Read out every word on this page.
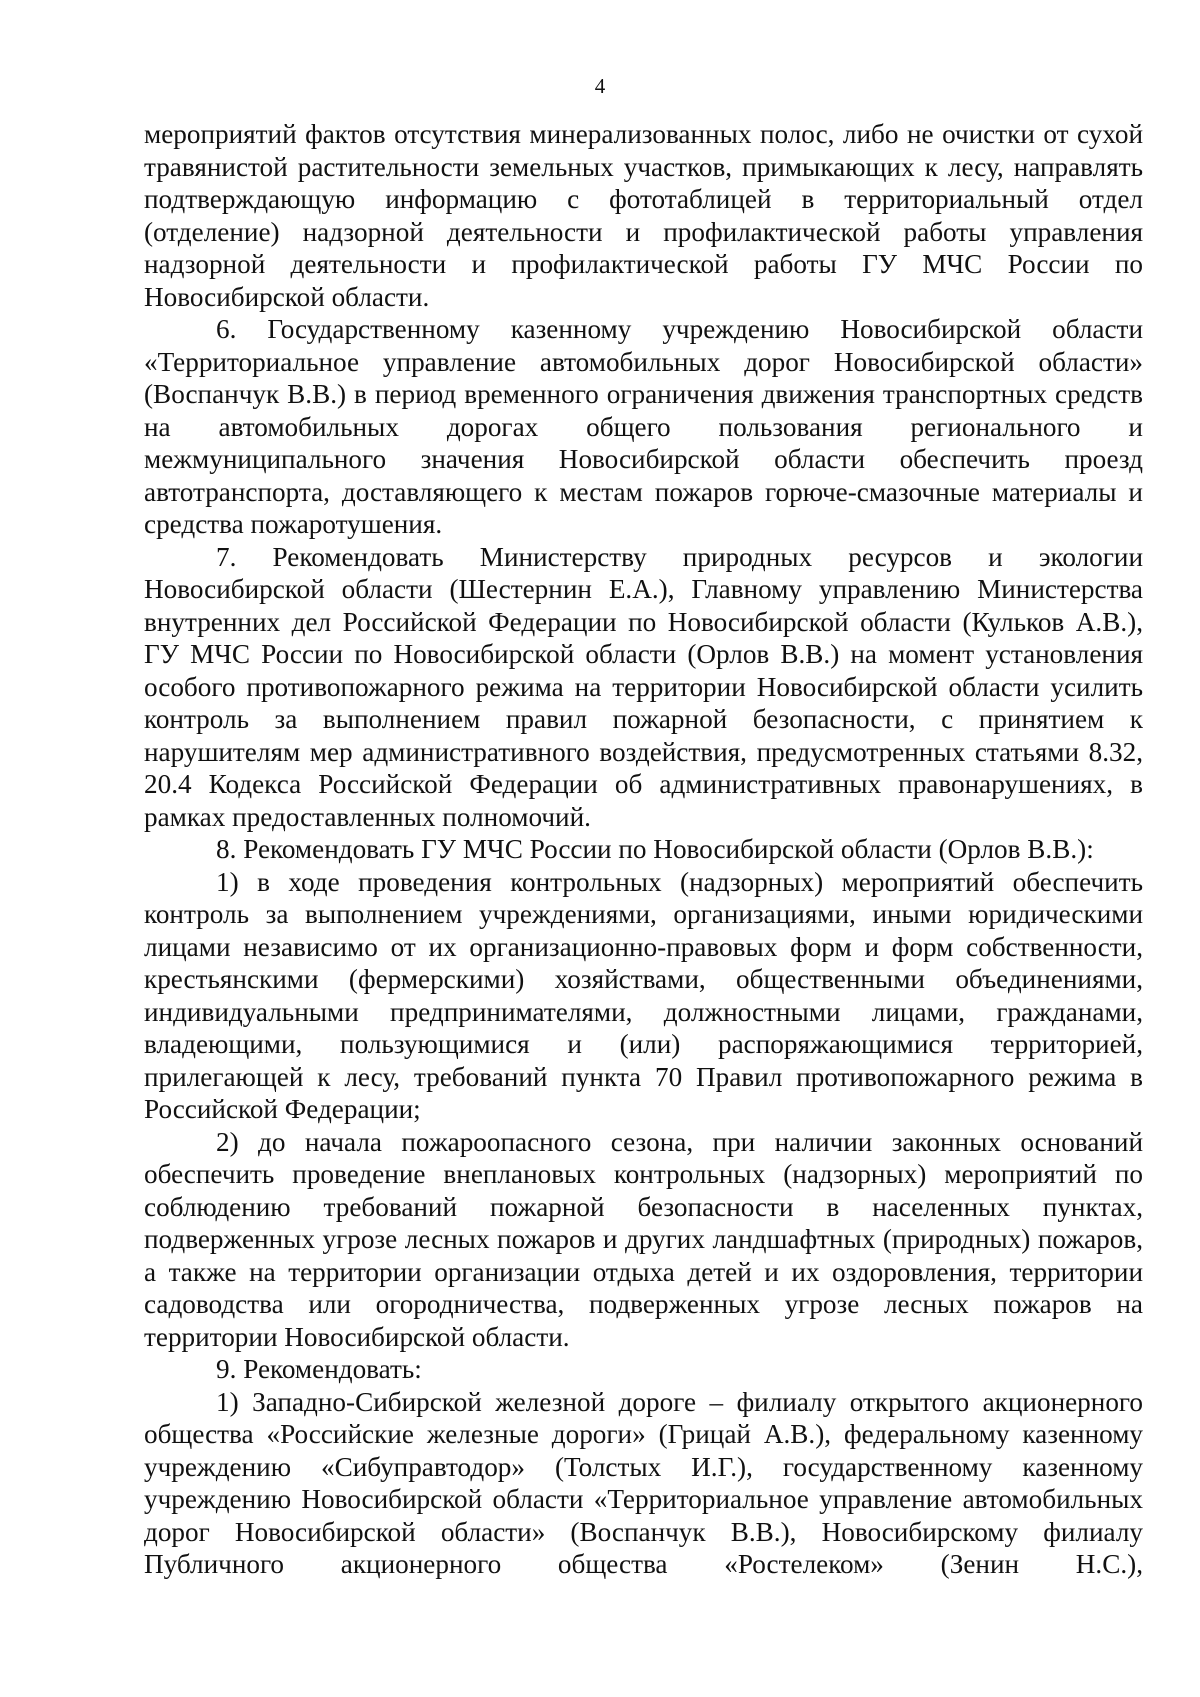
4

мероприятий фактов отсутствия минерализованных полос, либо не очистки от сухой травянистой растительности земельных участков, примыкающих к лесу, направлять подтверждающую информацию с фототаблицей в территориальный отдел (отделение) надзорной деятельности и профилактической работы управления надзорной деятельности и профилактической работы ГУ МЧС России по Новосибирской области.

6. Государственному казенному учреждению Новосибирской области «Территориальное управление автомобильных дорог Новосибирской области» (Воспанчук В.В.) в период временного ограничения движения транспортных средств на автомобильных дорогах общего пользования регионального и межмуниципального значения Новосибирской области обеспечить проезд автотранспорта, доставляющего к местам пожаров горюче-смазочные материалы и средства пожаротушения.

7. Рекомендовать Министерству природных ресурсов и экологии Новосибирской области (Шестернин Е.А.), Главному управлению Министерства внутренних дел Российской Федерации по Новосибирской области (Кульков А.В.), ГУ МЧС России по Новосибирской области (Орлов В.В.) на момент установления особого противопожарного режима на территории Новосибирской области усилить контроль за выполнением правил пожарной безопасности, с принятием к нарушителям мер административного воздействия, предусмотренных статьями 8.32, 20.4 Кодекса Российской Федерации об административных правонарушениях, в рамках предоставленных полномочий.

8. Рекомендовать ГУ МЧС России по Новосибирской области (Орлов В.В.):

1) в ходе проведения контрольных (надзорных) мероприятий обеспечить контроль за выполнением учреждениями, организациями, иными юридическими лицами независимо от их организационно-правовых форм и форм собственности, крестьянскими (фермерскими) хозяйствами, общественными объединениями, индивидуальными предпринимателями, должностными лицами, гражданами, владеющими, пользующимися и (или) распоряжающимися территорией, прилегающей к лесу, требований пункта 70 Правил противопожарного режима в Российской Федерации;

2) до начала пожароопасного сезона, при наличии законных оснований обеспечить проведение внеплановых контрольных (надзорных) мероприятий по соблюдению требований пожарной безопасности в населенных пунктах, подверженных угрозе лесных пожаров и других ландшафтных (природных) пожаров, а также на территории организации отдыха детей и их оздоровления, территории садоводства или огородничества, подверженных угрозе лесных пожаров на территории Новосибирской области.

9. Рекомендовать:

1) Западно-Сибирской железной дороге – филиалу открытого акционерного общества «Российские железные дороги» (Грицай А.В.), федеральному казенному учреждению «Сибуправтодор» (Толстых И.Г.), государственному казенному учреждению Новосибирской области «Территориальное управление автомобильных дорог Новосибирской области» (Воспанчук В.В.), Новосибирскому филиалу Публичного акционерного общества «Ростелеком» (Зенин Н.С.),
